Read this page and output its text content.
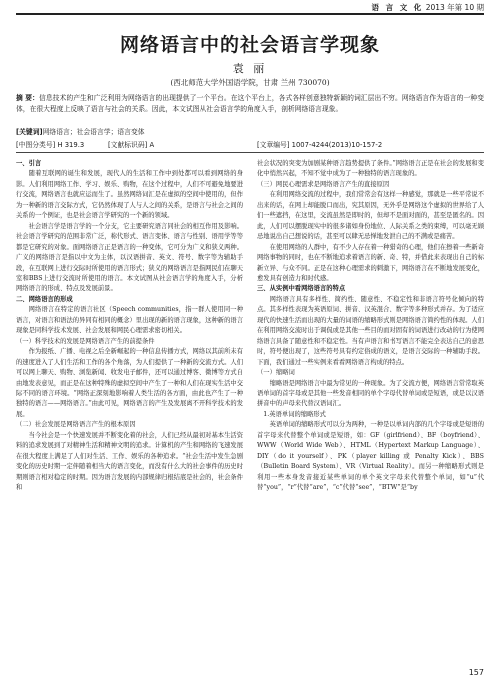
语 言 文 化 2013 年第 10 期
网络语言中的社会语言学现象
袁 丽
(西北师范大学外国语学院，甘肃 兰州 730070)
摘 要：信息技术的产生和广泛利用为网络语言的出现提供了一个平台。在这个平台上，各式各样创意独特新颖的词汇层出不穷。网络语言作为语言的一种变体，在很大程度上反映了语言与社会的关系。因此，本文试图从社会语言学的角度入手，剖析网络语言现象。
[关键词]网络语言；社会语言学；语言变体
[中图分类号] H 319.3	[文献标识码] A	[文章编号] 1007-4244(2013)10-157-2

一、引言

随着互联网的诞生和发展，现代人的生活和工作中到处都可以看到网络的身影。人们利用网络工作、学习、娱乐、购物，在这个过程中，人们不可避免地要进行交流，网络语言也就应运而生了。虽然网络词汇是在虚拟的空间中使用的，但作为一种新的语言交际方式，它仍然体现了人与人之间的关系，是语言与社会之间的关系的一个例证，也是社会语言学研究的一个新的领域。

社会语言学是语言学的一个分支，它主要研究语言同社会的相互作用及影响。社会语言学研究的范围非常广泛，称代形式、语言变体、语言与性别、语用学等等都是它研究的对象。面网络语言正是语言的一种变体，它可分为广义和狭义两种。广义的网络语言是指以中文为主体，以汉语拼音、英文、符号、数字等为辅助手段，在互联网上进行交际时所使用的语言形式；狭义的网络语言是指网民们在聊天室和BBS上进行交流时所使用的语言。本文试图从社会语言学的角度入手，分析网络语言的形成、特点及发展前景。

二、网络语言的形成

网络语言在特定的语言社区（Speech communities，指一群人使用同一种语言，对语言和语法的异同有相同的概念）里出现的新的语言现象，这种新的语言现象是同科学技术发展、社会发展和网民心理需求密切相关。

（一）科学技术的发展是网络语言产生的前提条件

作为报纸、广播、电视之后全新崛起的一种信息传播方式，网络以其前所未有的速度进入了人们生活和工作的各个角落，为人们提供了一种新的交流方式。人们可以网上聊天、购物、浏览新闻、收发电子邮件，还可以通过博客、微博等方式自由地发表意见，而正是在这种特殊的虚拟空间中产生了一种和人们在现实生活中交际不同的语言环境。“网络正深刻地影响着人类生活的各方面，由此也产生了一种独特的语言——网络语言。”由此可见，网络语言的产生及发展离不开科学技术的发展。

（二）社会发展是网络语言产生的根本原因

当今社会是一个快速发展并不断变化着的社会，人们已经从最初对基本生活资料的追求发展到了对精神生活和精神文明的追求。计算机的产生和网络的飞速发展在很大程度上满足了人们对生活、工作、娱乐的各种追求。“社会生活中发生急剧变化的历史时期一定伴随着相当大的语言变化，而没有什么大的社会事件的历史时期则语言相对稳定的时期。因为语言发展的内部规律归根结底是社会的，社会条件和

社会状况的突变为加剧某种语言趋势提供了条件。”网络语言正是在社会的发展和变化中悄然兴起，不知不觉中成为了一种独特的语言现象的。

（三）网民心理需求是网络语言产生的直接原因

在利用网络交流的过程中，我们常常会有这样一种感觉，那就是一些平常说不出来的话，在网上却能脱口而出，究其原因，无外乎是网络这个虚拟的世界给了人们一些遮挡，在这里，交流虽然是即时的，但却不是面对面的，甚至是匿名的。因此，人们可以摆脱现实中的很多诸如身份地位、人际关系之类的束缚，可以毫无顾忌地说出自己想说的话，甚至可以肆无忌惮地发泄自己的不满或是痛苦。

在使用网络的人群中，有不少人存在着一种猎奇的心理，他们在擦着一些新奇网络事物的同时，也在不断地追求着语言的新、奇、特，并借此来表现出自己的标新立异、与众不同。正是在这种心理需求的刺激下，网络语言在不断地发展变化，愈发具有创造力和时代感。

三、从实例中看网络语言的特点

网络语言具有多样性、简约性、随意性、不稳定性和非语言符号化倾向的特点。其多样性表现为英语原词、拼音、汉英混合、数字等多种形式并存。为了适应现代的快速生活而出现的大量的词语的缩略形式则是网络语言简约性的体现。人们在利用网络交流时出于调侃或是其他一些目的而对固有的词语进行改动的行为使网络语言具备了随意性和不稳定性。当有声语言和书写语言不能完全表达自己的意思时，符号便出现了，这些符号具有约定俗成的语义，是语言交际的一种辅助手段。下面，我们通过一些实例来看看网络语言构成的特点。

（一）缩略词

缩略语是网络语言中最为常见的一种现象。为了交流方便，网络语言常常取英语单词的首字母或是其他一些发音相同的单个字母代替单词或是短语，或是以汉语拼音中的声母来代替汉语词汇。

1.英语单词的缩略形式

英语单词的缩略形式可以分为两种，一种是以单词内部的几个字母或是短语的首字母来代替整个单词或是短语，如：GF（girlfriend）、BF（boyfriend）、WWW（World Wide Web）、HTML（Hypertext Markup Language）、DIY（do it yourself）、PK（player killing 或 Penalty Kick）、BBS（Bulletin Board System）、VR（Virtual Reality）。而另一种缩略形式则是利用一些本身发音接近某些单词的单个英文字母来代替整个单词，如“u”代替“you”，“r”代替“are”，“c”代替“see”，“BTW”是“by

157
